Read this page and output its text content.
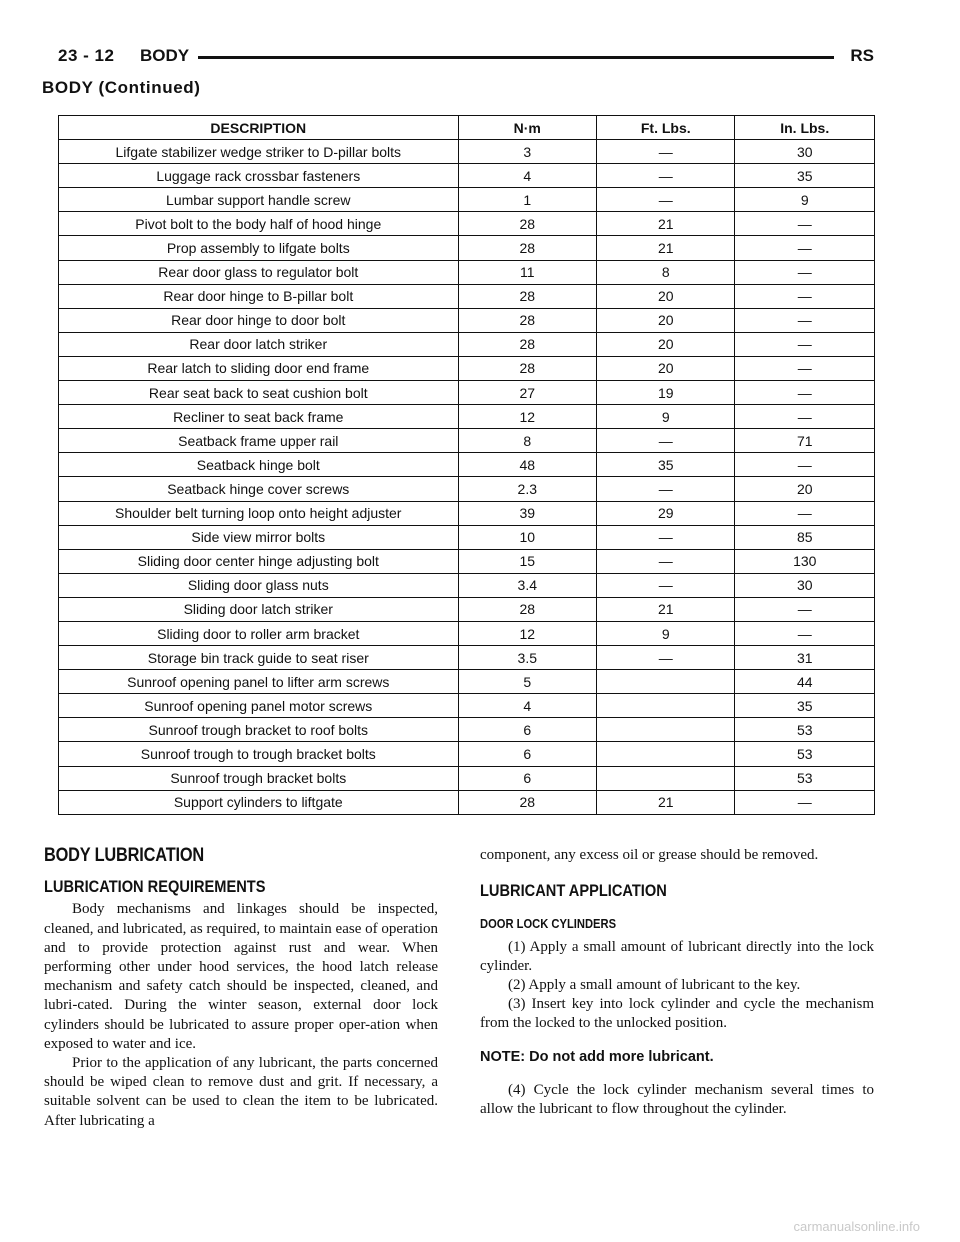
23 - 12 BODY	RS
BODY (Continued)
DESCRIPTION	N·m	Ft. Lbs.	In. Lbs.
Lifgate stabilizer wedge striker to D-pillar bolts	3	—	30
Luggage rack crossbar fasteners	4	—	35
Lumbar support handle screw	1	—	9
Pivot bolt to the body half of hood hinge	28	21	—
Prop assembly to lifgate bolts	28	21	—
Rear door glass to regulator bolt	11	8	—
Rear door hinge to B-pillar bolt	28	20	—
Rear door hinge to door bolt	28	20	—
Rear door latch striker	28	20	—
Rear latch to sliding door end frame	28	20	—
Rear seat back to seat cushion bolt	27	19	—
Recliner to seat back frame	12	9	—
Seatback frame upper rail	8	—	71
Seatback hinge bolt	48	35	—
Seatback hinge cover screws	2.3	—	20
Shoulder belt turning loop onto height adjuster	39	29	—
Side view mirror bolts	10	—	85
Sliding door center hinge adjusting bolt	15	—	130
Sliding door glass nuts	3.4	—	30
Sliding door latch striker	28	21	—
Sliding door to roller arm bracket	12	9	—
Storage bin track guide to seat riser	3.5	—	31
Sunroof opening panel to lifter arm screws	5		44
Sunroof opening panel motor screws	4		35
Sunroof trough bracket to roof bolts	6		53
Sunroof trough to trough bracket bolts	6		53
Sunroof trough bracket bolts	6		53
Support cylinders to liftgate	28	21	—
BODY LUBRICATION
LUBRICATION REQUIREMENTS

Body mechanisms and linkages should be inspected, cleaned, and lubricated, as required, to maintain ease of operation and to provide protection against rust and wear. When performing other under hood services, the hood latch release mechanism and safety catch should be inspected, cleaned, and lubri-cated. During the winter season, external door lock cylinders should be lubricated to assure proper oper-ation when exposed to water and ice.

Prior to the application of any lubricant, the parts concerned should be wiped clean to remove dust and grit. If necessary, a suitable solvent can be used to clean the item to be lubricated. After lubricating a

component, any excess oil or grease should be removed.

LUBRICANT APPLICATION
DOOR LOCK CYLINDERS

(1) Apply a small amount of lubricant directly into the lock cylinder.

(2) Apply a small amount of lubricant to the key.

(3) Insert key into lock cylinder and cycle the mechanism from the locked to the unlocked position.

NOTE: Do not add more lubricant.

(4) Cycle the lock cylinder mechanism several times to allow the lubricant to flow throughout the cylinder.

carmanualsonline.info
